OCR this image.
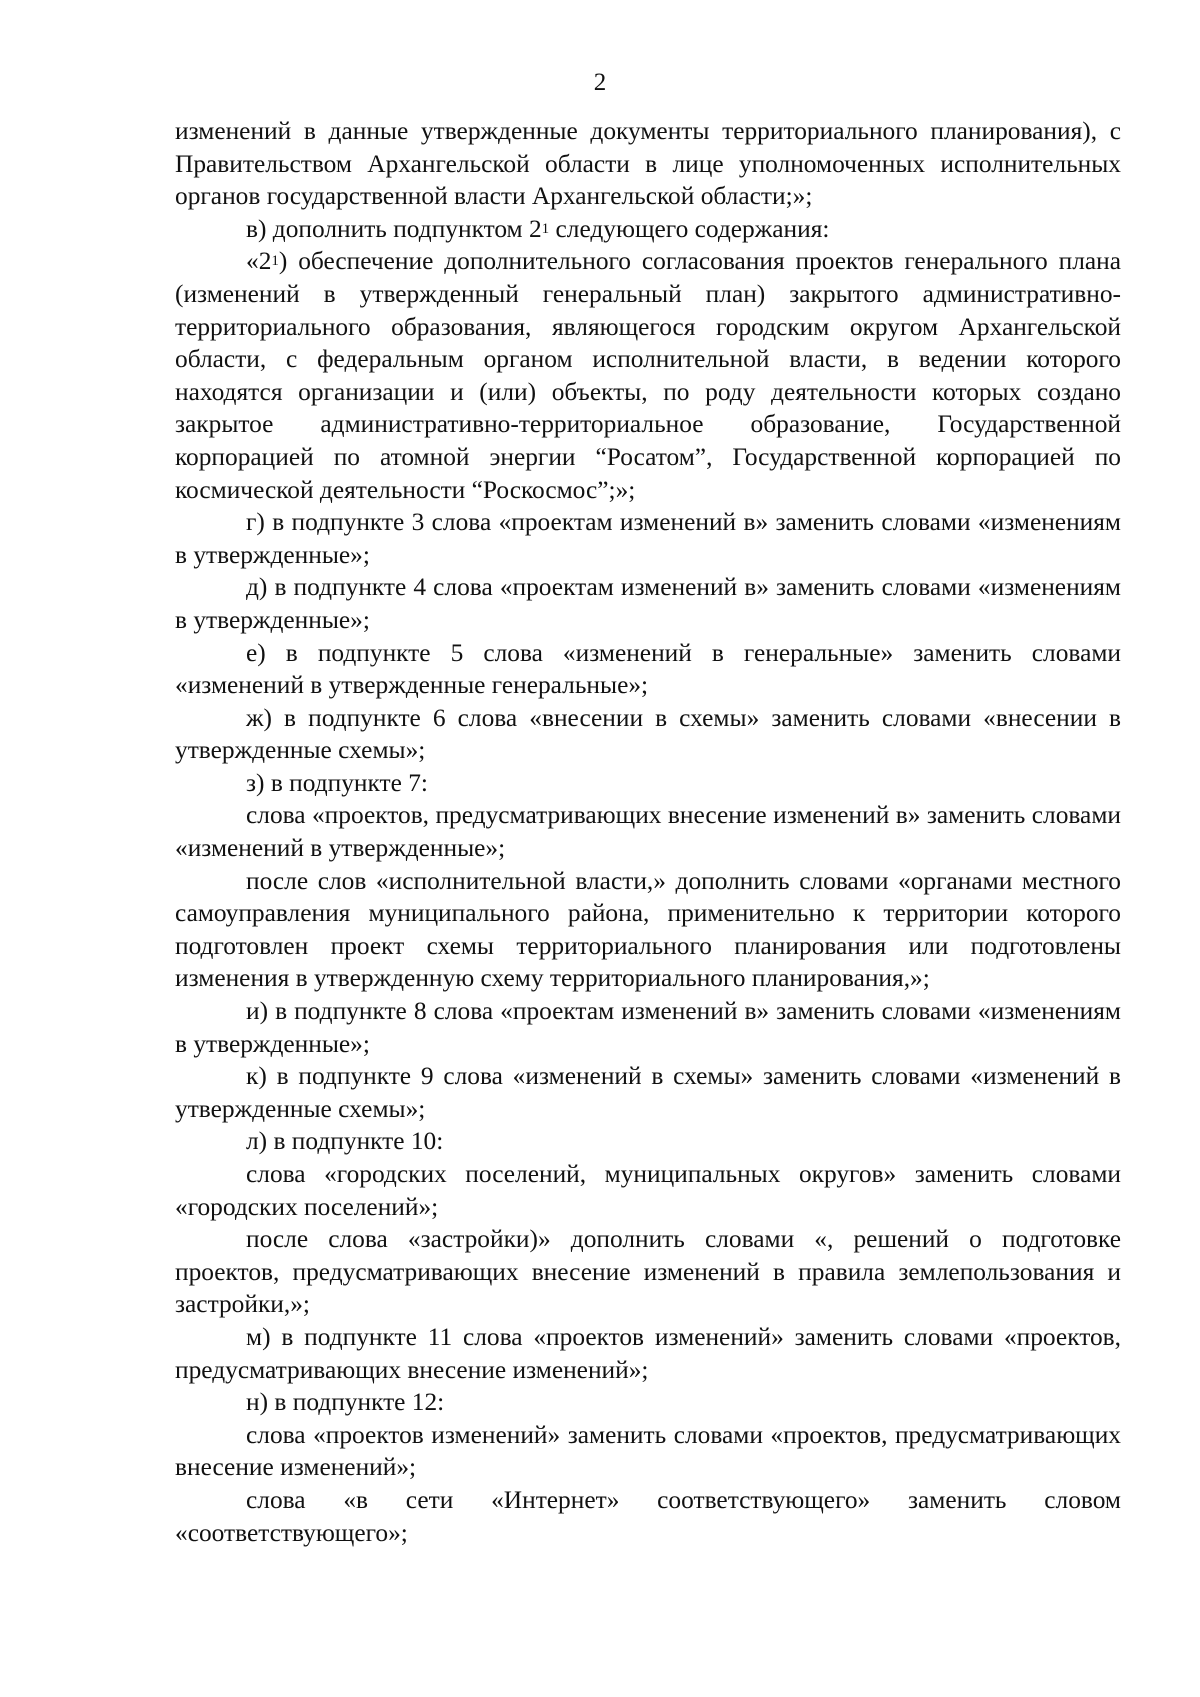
2

изменений в данные утвержденные документы территориального планирования), с Правительством Архангельской области в лице уполномоченных исполнительных органов государственной власти Архангельской области;»;

в) дополнить подпунктом $2^1$ следующего содержания:

«$2^1$) обеспечение дополнительного согласования проектов генерального плана (изменений в утвержденный генеральный план) закрытого административно-территориального образования, являющегося городским округом Архангельской области, с федеральным органом исполнительной власти, в ведении которого находятся организации и (или) объекты, по роду деятельности которых создано закрытое административно-территориальное образование, Государственной корпорацией по атомной энергии “Росатом”, Государственной корпорацией по космической деятельности “Роскосмос”;»;

г) в подпункте 3 слова «проектам изменений в» заменить словами «изменениям в утвержденные»;

д) в подпункте 4 слова «проектам изменений в» заменить словами «изменениям в утвержденные»;

е) в подпункте 5 слова «изменений в генеральные» заменить словами «изменений в утвержденные генеральные»;

ж) в подпункте 6 слова «внесении в схемы» заменить словами «внесении в утвержденные схемы»;

з) в подпункте 7:

слова «проектов, предусматривающих внесение изменений в» заменить словами «изменений в утвержденные»;

после слов «исполнительной власти,» дополнить словами «органами местного самоуправления муниципального района, применительно к территории которого подготовлен проект схемы территориального планирования или подготовлены изменения в утвержденную схему территориального планирования,»;

и) в подпункте 8 слова «проектам изменений в» заменить словами «изменениям в утвержденные»;

к) в подпункте 9 слова «изменений в схемы» заменить словами «изменений в утвержденные схемы»;

л) в подпункте 10:

слова «городских поселений, муниципальных округов» заменить словами «городских поселений»;

после слова «застройки)» дополнить словами «, решений о подготовке проектов, предусматривающих внесение изменений в правила землепользования и застройки,»;

м) в подпункте 11 слова «проектов изменений» заменить словами «проектов, предусматривающих внесение изменений»;

н) в подпункте 12:

слова «проектов изменений» заменить словами «проектов, предусматривающих внесение изменений»;

слова «в сети «Интернет» соответствующего» заменить словом «соответствующего»;
